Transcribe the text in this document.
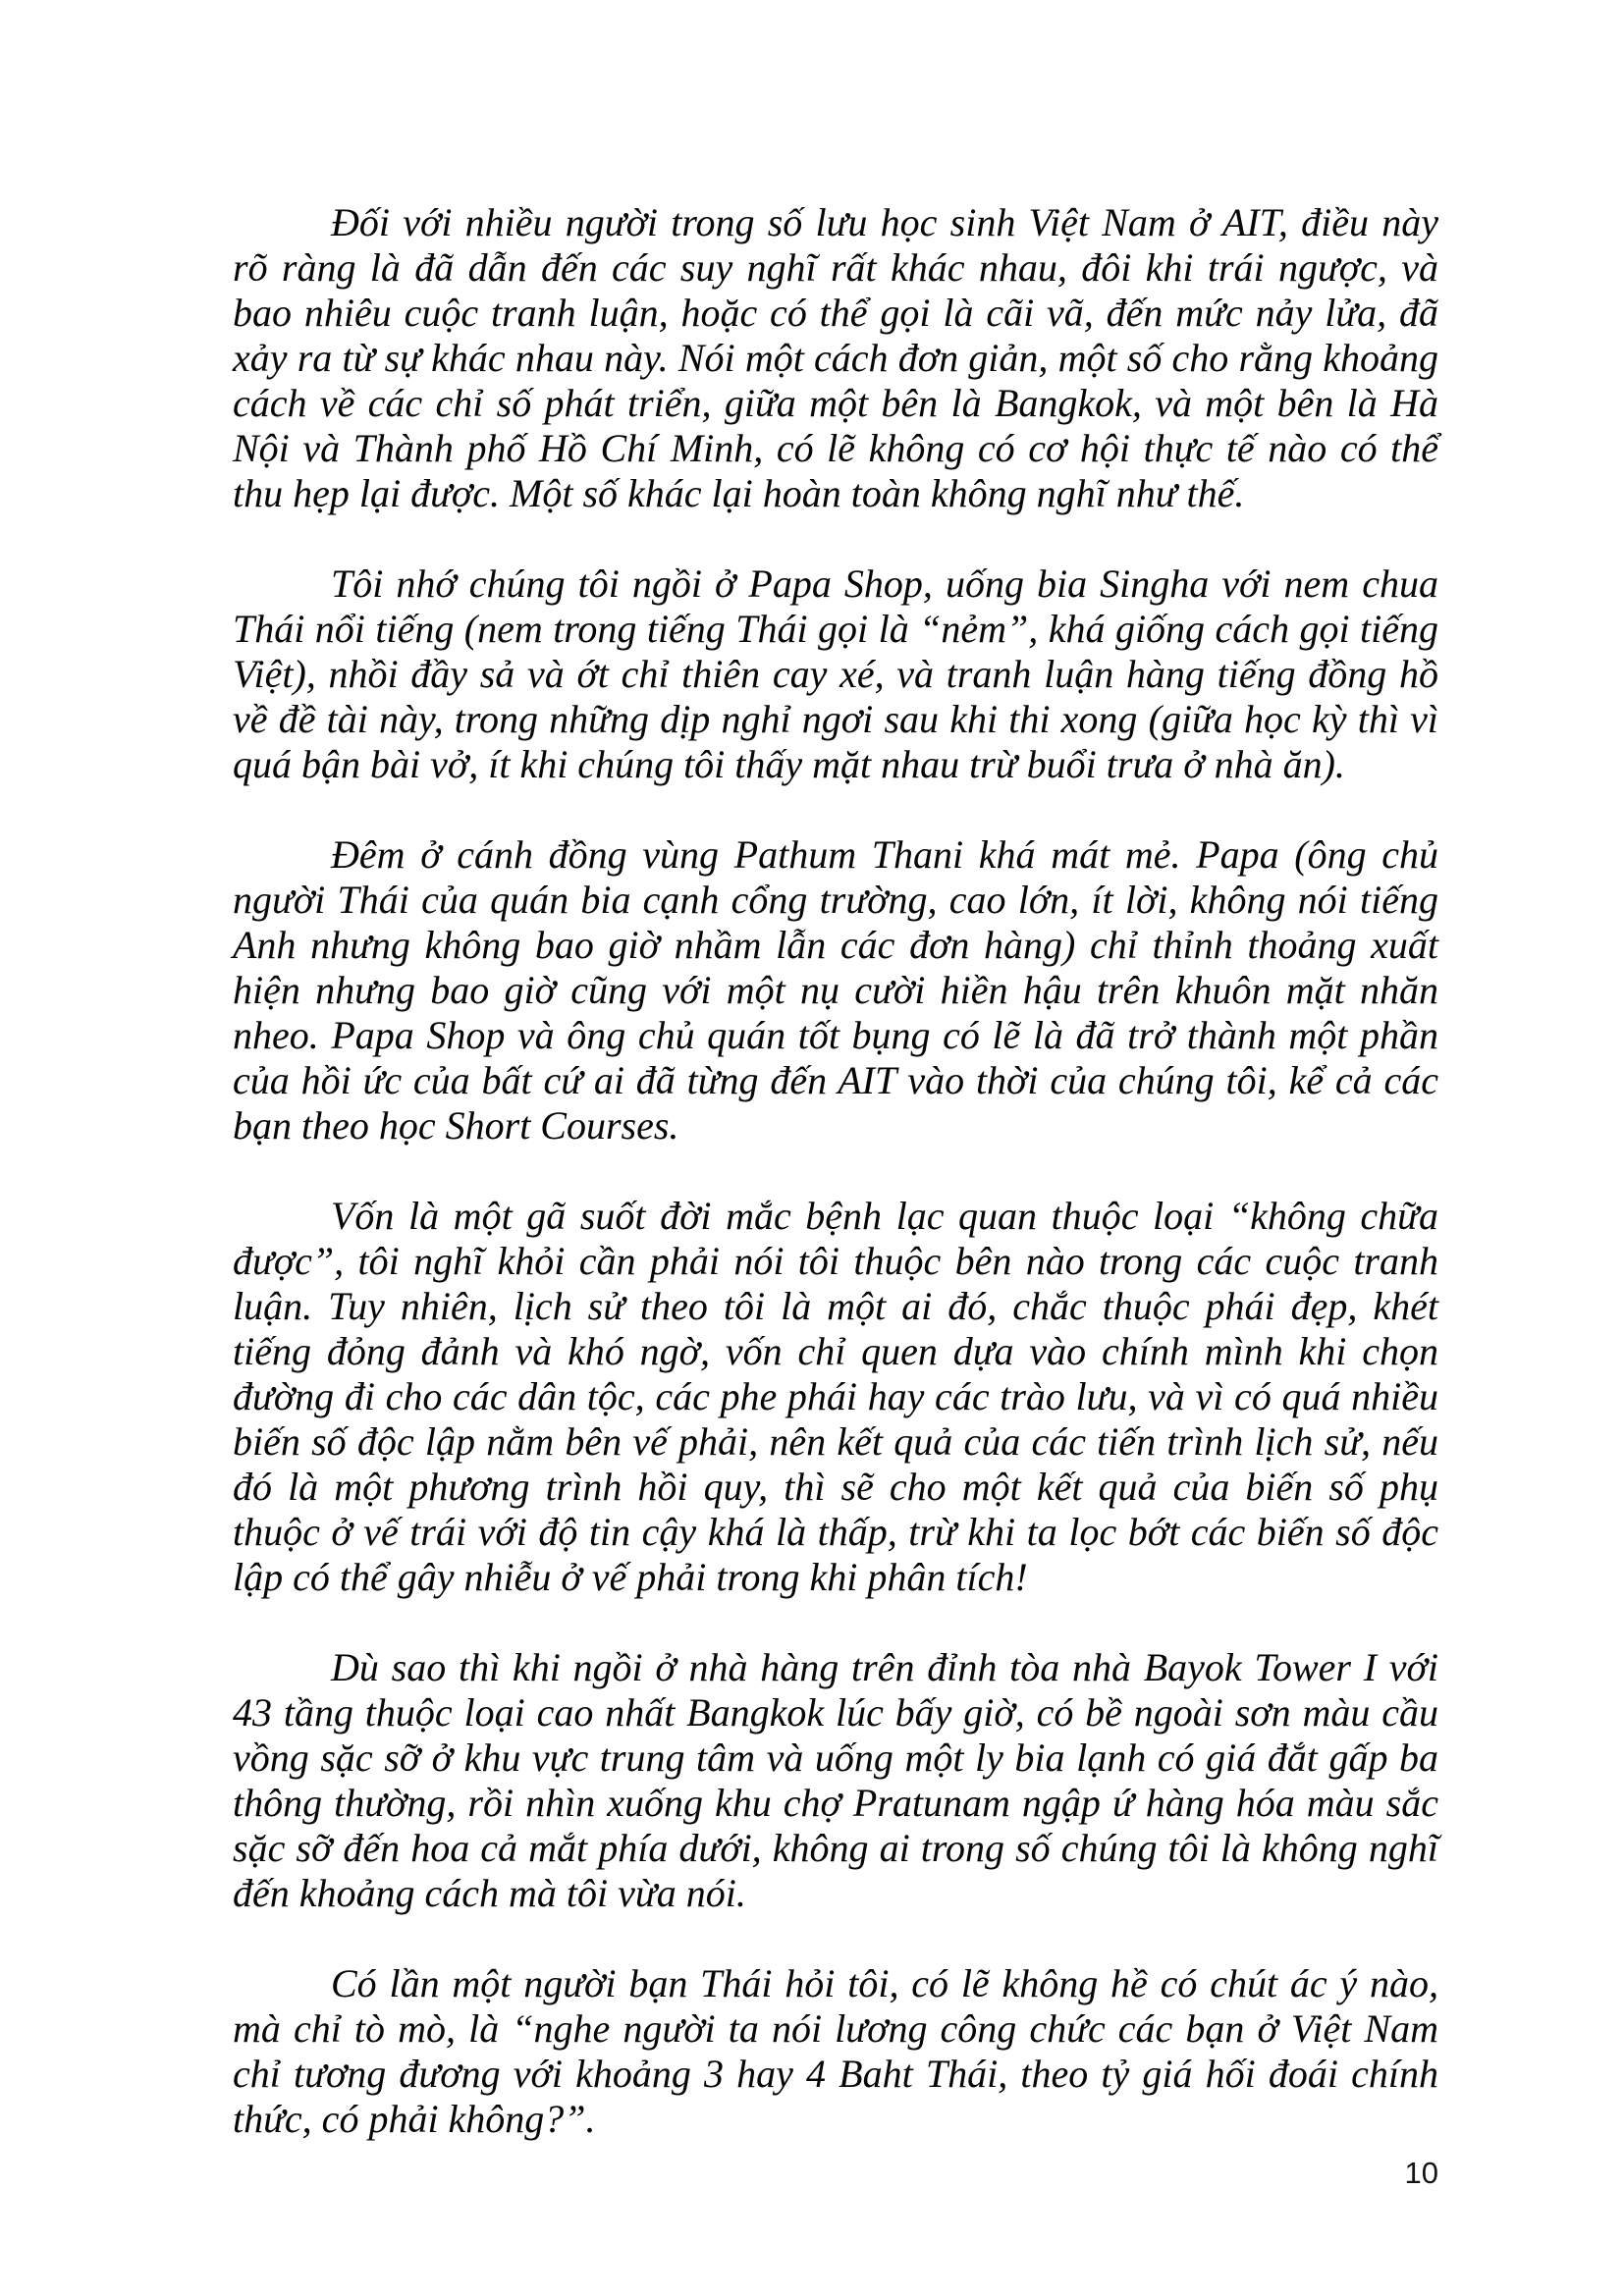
Đối với nhiều người trong số lưu học sinh Việt Nam ở AIT, điều này rõ ràng là đã dẫn đến các suy nghĩ rất khác nhau, đôi khi trái ngược, và bao nhiêu cuộc tranh luận, hoặc có thể gọi là cãi vã, đến mức nảy lửa, đã xảy ra từ sự khác nhau này. Nói một cách đơn giản, một số cho rằng khoảng cách về các chỉ số phát triển, giữa một bên là Bangkok, và một bên là Hà Nội và Thành phố Hồ Chí Minh, có lẽ không có cơ hội thực tế nào có thể thu hẹp lại được. Một số khác lại hoàn toàn không nghĩ như thế.

Tôi nhớ chúng tôi ngồi ở Papa Shop, uống bia Singha với nem chua Thái nổi tiếng (nem trong tiếng Thái gọi là “nẻm”, khá giống cách gọi tiếng Việt), nhồi đầy sả và ớt chỉ thiên cay xé, và tranh luận hàng tiếng đồng hồ về đề tài này, trong những dịp nghỉ ngơi sau khi thi xong (giữa học kỳ thì vì quá bận bài vở, ít khi chúng tôi thấy mặt nhau trừ buổi trưa ở nhà ăn).

Đêm ở cánh đồng vùng Pathum Thani khá mát mẻ. Papa (ông chủ người Thái của quán bia cạnh cổng trường, cao lớn, ít lời, không nói tiếng Anh nhưng không bao giờ nhầm lẫn các đơn hàng) chỉ thỉnh thoảng xuất hiện nhưng bao giờ cũng với một nụ cười hiền hậu trên khuôn mặt nhăn nheo. Papa Shop và ông chủ quán tốt bụng có lẽ là đã trở thành một phần của hồi ức của bất cứ ai đã từng đến AIT vào thời của chúng tôi, kể cả các bạn theo học Short Courses.

Vốn là một gã suốt đời mắc bệnh lạc quan thuộc loại “không chữa được”, tôi nghĩ khỏi cần phải nói tôi thuộc bên nào trong các cuộc tranh luận. Tuy nhiên, lịch sử theo tôi là một ai đó, chắc thuộc phái đẹp, khét tiếng đỏng đảnh và khó ngờ, vốn chỉ quen dựa vào chính mình khi chọn đường đi cho các dân tộc, các phe phái hay các trào lưu, và vì có quá nhiều biến số độc lập nằm bên vế phải, nên kết quả của các tiến trình lịch sử, nếu đó là một phương trình hồi quy, thì sẽ cho một kết quả của biến số phụ thuộc ở vế trái với độ tin cậy khá là thấp, trừ khi ta lọc bớt các biến số độc lập có thể gây nhiễu ở vế phải trong khi phân tích!

Dù sao thì khi ngồi ở nhà hàng trên đỉnh tòa nhà Bayok Tower I với 43 tầng thuộc loại cao nhất Bangkok lúc bấy giờ, có bề ngoài sơn màu cầu vồng sặc sỡ ở khu vực trung tâm và uống một ly bia lạnh có giá đắt gấp ba thông thường, rồi nhìn xuống khu chợ Pratunam ngập ứ hàng hóa màu sắc sặc sỡ đến hoa cả mắt phía dưới, không ai trong số chúng tôi là không nghĩ đến khoảng cách mà tôi vừa nói.

Có lần một người bạn Thái hỏi tôi, có lẽ không hề có chút ác ý nào, mà chỉ tò mò, là “nghe người ta nói lương công chức các bạn ở Việt Nam chỉ tương đương với khoảng 3 hay 4 Baht Thái, theo tỷ giá hối đoái chính thức, có phải không?”.

10
